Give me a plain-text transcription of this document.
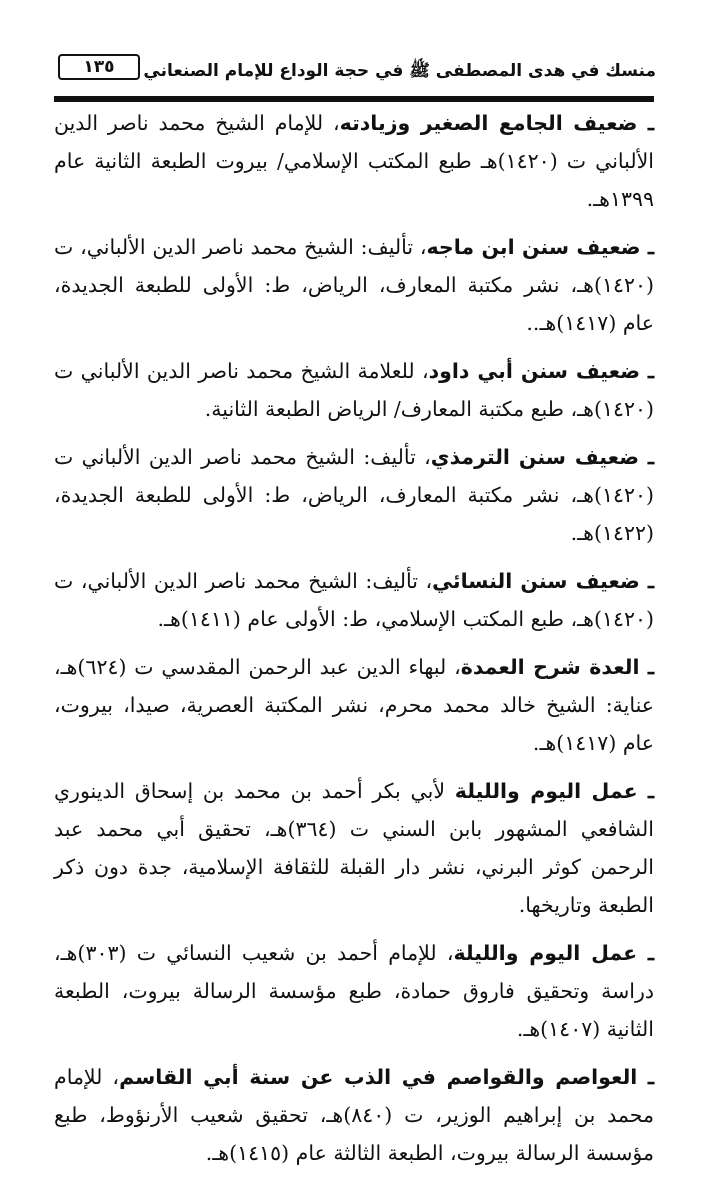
منسك في هدى المصطفى ﷺ في حجة الوداع للإمام الصنعاني
١٣٥

ـ ضعيف الجامع الصغير وزيادته، للإمام الشيخ محمد ناصر الدين الألباني ت (١٤٢٠)هـ طبع المكتب الإسلامي/ بيروت الطبعة الثانية عام ١٣٩٩هـ.

ـ ضعيف سنن ابن ماجه، تأليف: الشيخ محمد ناصر الدين الألباني، ت (١٤٢٠)هـ، نشر مكتبة المعارف، الرياض، ط: الأولى للطبعة الجديدة، عام (١٤١٧)هـ..

ـ ضعيف سنن أبي داود، للعلامة الشيخ محمد ناصر الدين الألباني ت (١٤٢٠)هـ، طبع مكتبة المعارف/ الرياض الطبعة الثانية.

ـ ضعيف سنن الترمذي، تأليف: الشيخ محمد ناصر الدين الألباني ت (١٤٢٠)هـ، نشر مكتبة المعارف، الرياض، ط: الأولى للطبعة الجديدة، (١٤٢٢)هـ.

ـ ضعيف سنن النسائي، تأليف: الشيخ محمد ناصر الدين الألباني، ت (١٤٢٠)هـ، طبع المكتب الإسلامي، ط: الأولى عام (١٤١١)هـ.

ـ العدة شرح العمدة، لبهاء الدين عبد الرحمن المقدسي ت (٦٢٤)هـ، عناية: الشيخ خالد محمد محرم، نشر المكتبة العصرية، صيدا، بيروت، عام (١٤١٧)هـ.

ـ عمل اليوم والليلة لأبي بكر أحمد بن محمد بن إسحاق الدينوري الشافعي المشهور بابن السني ت (٣٦٤)هـ، تحقيق أبي محمد عبد الرحمن كوثر البرني، نشر دار القبلة للثقافة الإسلامية، جدة دون ذكر الطبعة وتاريخها.

ـ عمل اليوم والليلة، للإمام أحمد بن شعيب النسائي ت (٣٠٣)هـ، دراسة وتحقيق فاروق حمادة، طبع مؤسسة الرسالة بيروت، الطبعة الثانية (١٤٠٧)هـ.

ـ العواصم والقواصم في الذب عن سنة أبي القاسم، للإمام محمد بن إبراهيم الوزير، ت (٨٤٠)هـ، تحقيق شعيب الأرنؤوط، طبع مؤسسة الرسالة بيروت، الطبعة الثالثة عام (١٤١٥)هـ.
